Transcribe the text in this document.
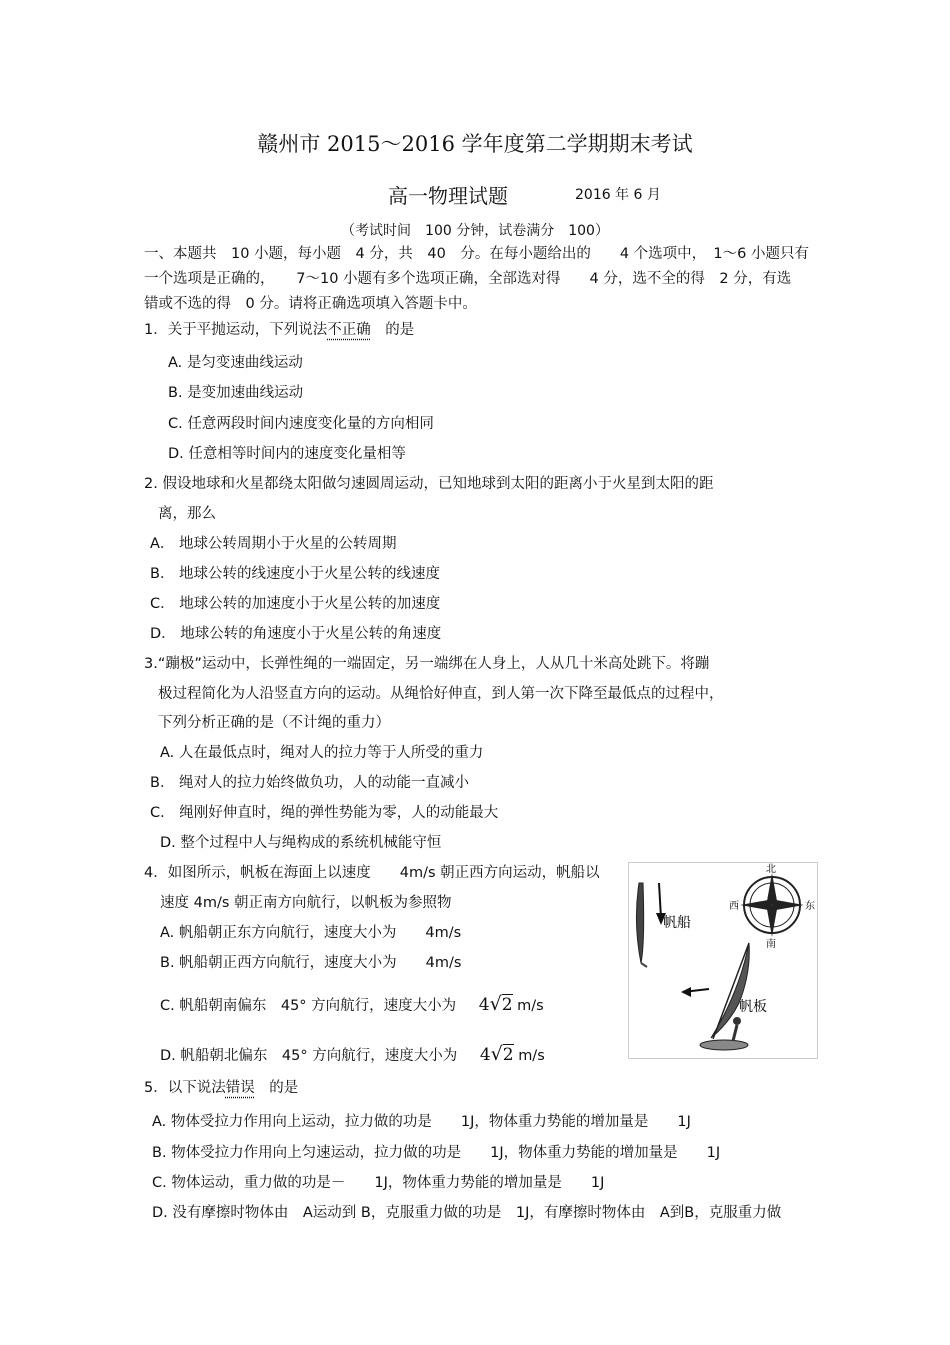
赣州市 2015～2016 学年度第二学期期末考试
高一物理试题	2016 年 6 月
（考试时间　100 分钟，试卷满分　100）
一、本题共　10 小题，每小题　4 分，共　40　分。在每小题给出的　　4 个选项中，　1～6 小题只有
一个选项是正确的，　　7～10 小题有多个选项正确，全部选对得　　4 分，选不全的得　2 分，有选
错或不选的得　0 分。请将正确选项填入答题卡中。
1．关于平抛运动，下列说法不正确　的是
A. 是匀变速曲线运动
B. 是变加速曲线运动
C. 任意两段时间内速度变化量的方向相同
D. 任意相等时间内的速度变化量相等
2. 假设地球和火星都绕太阳做匀速圆周运动，已知地球到太阳的距离小于火星到太阳的距
离，那么
A． 地球公转周期小于火星的公转周期
B． 地球公转的线速度小于火星公转的线速度
C． 地球公转的加速度小于火星公转的加速度
D． 地球公转的角速度小于火星公转的角速度
3.“蹦极”运动中，长弹性绳的一端固定，另一端绑在人身上，人从几十米高处跳下。将蹦
极过程简化为人沿竖直方向的运动。从绳恰好伸直，到人第一次下降至最低点的过程中，
下列分析正确的是（不计绳的重力）
A. 人在最低点时，绳对人的拉力等于人所受的重力
B． 绳对人的拉力始终做负功，人的动能一直减小
C． 绳刚好伸直时，绳的弹性势能为零，人的动能最大
D. 整个过程中人与绳构成的系统机械能守恒
4．如图所示，帆板在海面上以速度　　4m/s 朝正西方向运动，帆船以
速度 4m/s 朝正南方向航行，以帆板为参照物
A. 帆船朝正东方向航行，速度大小为　　4m/s
B. 帆船朝正西方向航行，速度大小为　　4m/s
C. 帆船朝南偏东　45° 方向航行，速度大小为 4√2 m/s
D. 帆船朝北偏东　45° 方向航行，速度大小为 4√2 m/s
帆船
北
南
东
西
帆板
5．以下说法错误　的是
A. 物体受拉力作用向上运动，拉力做的功是　　1J，物体重力势能的增加量是　　1J
B. 物体受拉力作用向上匀速运动，拉力做的功是　　1J，物体重力势能的增加量是　　1J
C. 物体运动，重力做的功是－　　1J，物体重力势能的增加量是　　1J
D. 没有摩擦时物体由　A运动到 B，克服重力做的功是　1J，有摩擦时物体由　A到B，克服重力做
